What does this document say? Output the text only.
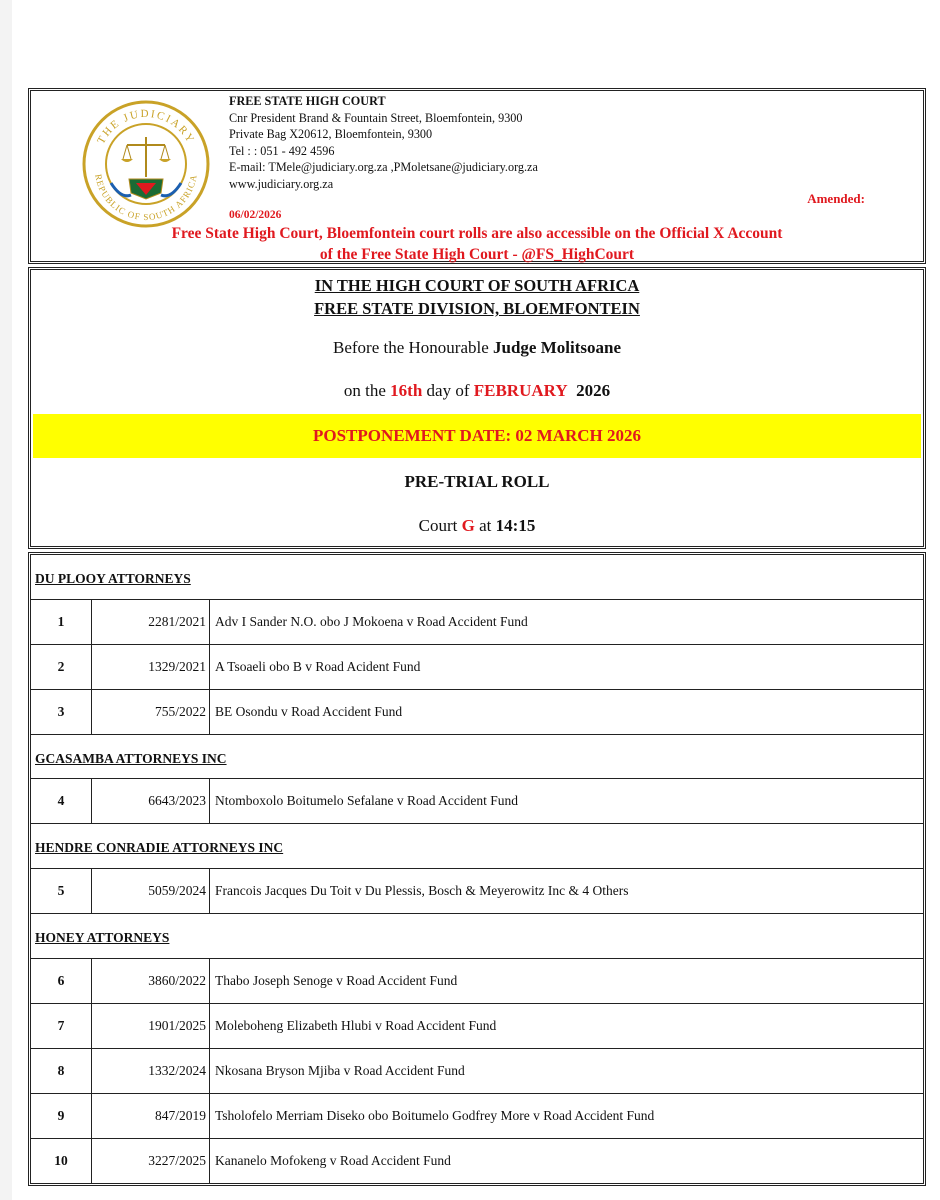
THE JUDICIARY
REPUBLIC OF SOUTH AFRICA
FREE STATE HIGH COURT
Cnr President Brand & Fountain Street, Bloemfontein, 9300
Private Bag X20612, Bloemfontein, 9300
Tel : : 051 - 492 4596
E-mail: TMele@judiciary.org.za ,PMoletsane@judiciary.org.za
www.judiciary.org.za
Amended:
06/02/2026
Free State High Court, Bloemfontein court rolls are also accessible on the Official X Account
of the Free State High Court - @FS_HighCourt
IN THE HIGH COURT OF SOUTH AFRICA
FREE STATE DIVISION, BLOEMFONTEIN
Before the Honourable Judge Molitsoane
on the 16th day of FEBRUARY 2026
POSTPONEMENT DATE: 02 MARCH 2026
PRE-TRIAL ROLL
Court G at 14:15
DU PLOOY ATTORNEYS
1	2281/2021 Adv I Sander N.O. obo J Mokoena v Road Accident Fund
2	1329/2021 A Tsoaeli obo B v Road Acident Fund
3	755/2022 BE Osondu v Road Accident Fund
GCASAMBA ATTORNEYS INC
4	6643/2023 Ntomboxolo Boitumelo Sefalane v Road Accident Fund
HENDRE CONRADIE ATTORNEYS INC
5	5059/2024 Francois Jacques Du Toit v Du Plessis, Bosch & Meyerowitz Inc & 4 Others
HONEY ATTORNEYS
6	3860/2022 Thabo Joseph Senoge v Road Accident Fund
7	1901/2025 Moleboheng Elizabeth Hlubi v Road Accident Fund
8	1332/2024 Nkosana Bryson Mjiba v Road Accident Fund
9	847/2019 Tsholofelo Merriam Diseko obo Boitumelo Godfrey More v Road Accident Fund
10	3227/2025 Kananelo Mofokeng v Road Accident Fund
